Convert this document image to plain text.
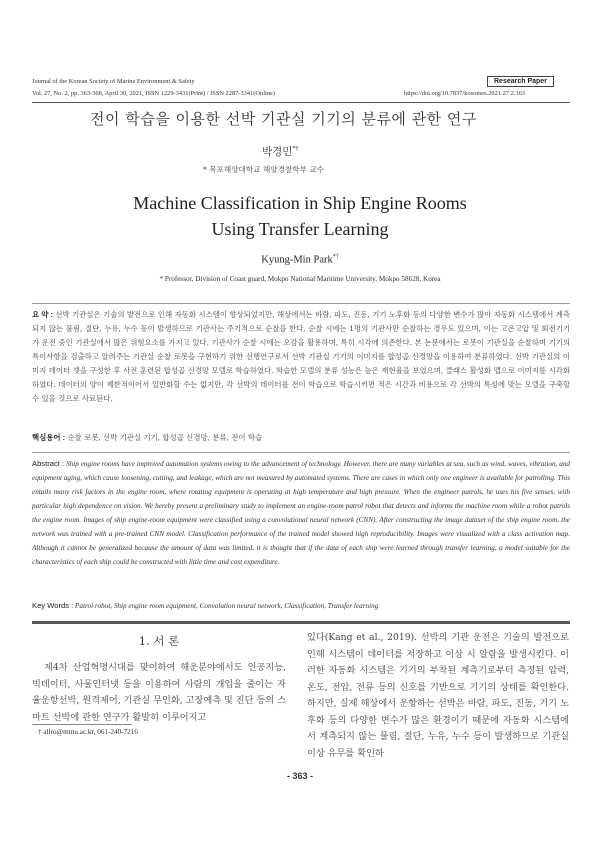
Journal of the Korean Society of Marine Environment & Safety	Research Paper
Vol. 27, No. 2, pp. 363-368, April 30, 2021, ISSN 1229-3431(Print) / ISSN 2287-3341(Online)	https://doi.org/10.7837/kosomes.2021.27.2.363
전이 학습을 이용한 선박 기관실 기기의 분류에 관한 연구
박경민*†
* 목포해양대학교 해양경찰학부 교수
Machine Classification in Ship Engine Rooms
Using Transfer Learning
Kyung-Min Park*†
* Professor, Division of Coast guard, Mokpo National Maritime University, Mokpo 58628, Korea
요 약 : 선박 기관실은 기술의 발전으로 인해 자동화 시스템이 향상되었지만, 해상에서는 바람, 파도, 진동, 기기 노후화 등의 다양한 변수가 많아 자동화 시스템에서 계측되지 않는 풀림, 절단, 누유, 누수 등이 발생하므로 기관사는 주기적으로 순찰을 한다. 순찰 시에는 1명의 기관사만 순찰하는 경우도 있으며, 이는 고온고압 및 회전기기가 운전 중인 기관실에서 많은 위험요소를 가지고 있다. 기관사가 순찰 시에는 오감을 활용하며, 특히 시각에 의존한다. 본 논문에서는 로봇이 기관실을 순찰하며 기기의 특이사항을 검출하고 알려주는 기관실 순찰 로봇을 구현하기 위한 선행연구로서 선박 기관실 기기의 이미지를 합성곱 신경망을 이용하여 분류하였다. 선박 기관실의 이미지 데이터 셋을 구성한 후 사전 훈련된 합성곱 신경망 모델로 학습하였다. 학습한 모델의 분류 성능은 높은 재현율을 보였으며, 클래스 활성화 맵으로 이미지를 시각화 하였다. 데이터의 양이 제한적이어서 일반화할 수는 없지만, 각 선박의 데이터를 전이 학습으로 학습시키면 적은 시간과 비용으로 각 선박의 특성에 맞는 모델을 구축할 수 있을 것으로 사료된다.
핵심용어 : 순찰 로봇, 선박 기관실 기기, 합성곱 신경망, 분류, 전이 학습
Abstract : Ship engine rooms have improved automation systems owing to the advancement of technology. However, there are many variables at sea, such as wind, waves, vibration, and equipment aging, which cause loosening, cutting, and leakage, which are not measured by automated systems. There are cases in which only one engineer is available for patrolling. This entails many risk factors in the engine room, where rotating equipment is operating at high temperature and high pressure. When the engineer patrols, he uses his five senses, with particular high dependence on vision. We hereby present a preliminary study to implement an engine-room patrol robot that detects and informs the machine room while a robot patrols the engine room. Images of ship engine-room equipment were classified using a convolutional neural network (CNN). After constructing the image dataset of the ship engine room, the network was trained with a pre-trained CNN model. Classification performance of the trained model showed high reproducibility. Images were visualized with a class activation map. Although it cannot be generalized because the amount of data was limited, it is thought that if the data of each ship were learned through transfer learning, a model suitable for the characteristics of each ship could be constructed with little time and cost expenditure.
Key Words : Patrol robot, Ship engine room equipment, Convolution neural network, Classification, Transfer learning
1. 서 론
제4차 산업혁명시대를 맞이하여 해운분야에서도 인공지능, 빅데이터, 사물인터넷 등을 이용하여 사람의 개입을 줄이는 자율운항선박, 원격제어, 기관실 무인화, 고장예측 및 진단 등의 스마트 선박에 관한 연구가 활발히 이루어지고
† allro@mmu.ac.kr, 061-240-7216
있다(Kang et al., 2019). 선박의 기관 운전은 기술의 발전으로 인해 시스템이 데이터를 저장하고 이상 시 알람을 발생시킨다. 이러한 자동화 시스템은 기기의 부착된 계측기로부터 측정된 압력, 온도, 전압, 전류 등의 신호를 기반으로 기기의 상태를 확인한다. 하지만, 실제 해상에서 운항하는 선박은 바람, 파도, 진동, 기기 노후화 등의 다양한 변수가 많은 환경이기 때문에 자동화 시스템에서 계측되지 않는 풀림, 절단, 누유, 누수 등이 발생하므로 기관실 이상 유무를 확인하
- 363 -
